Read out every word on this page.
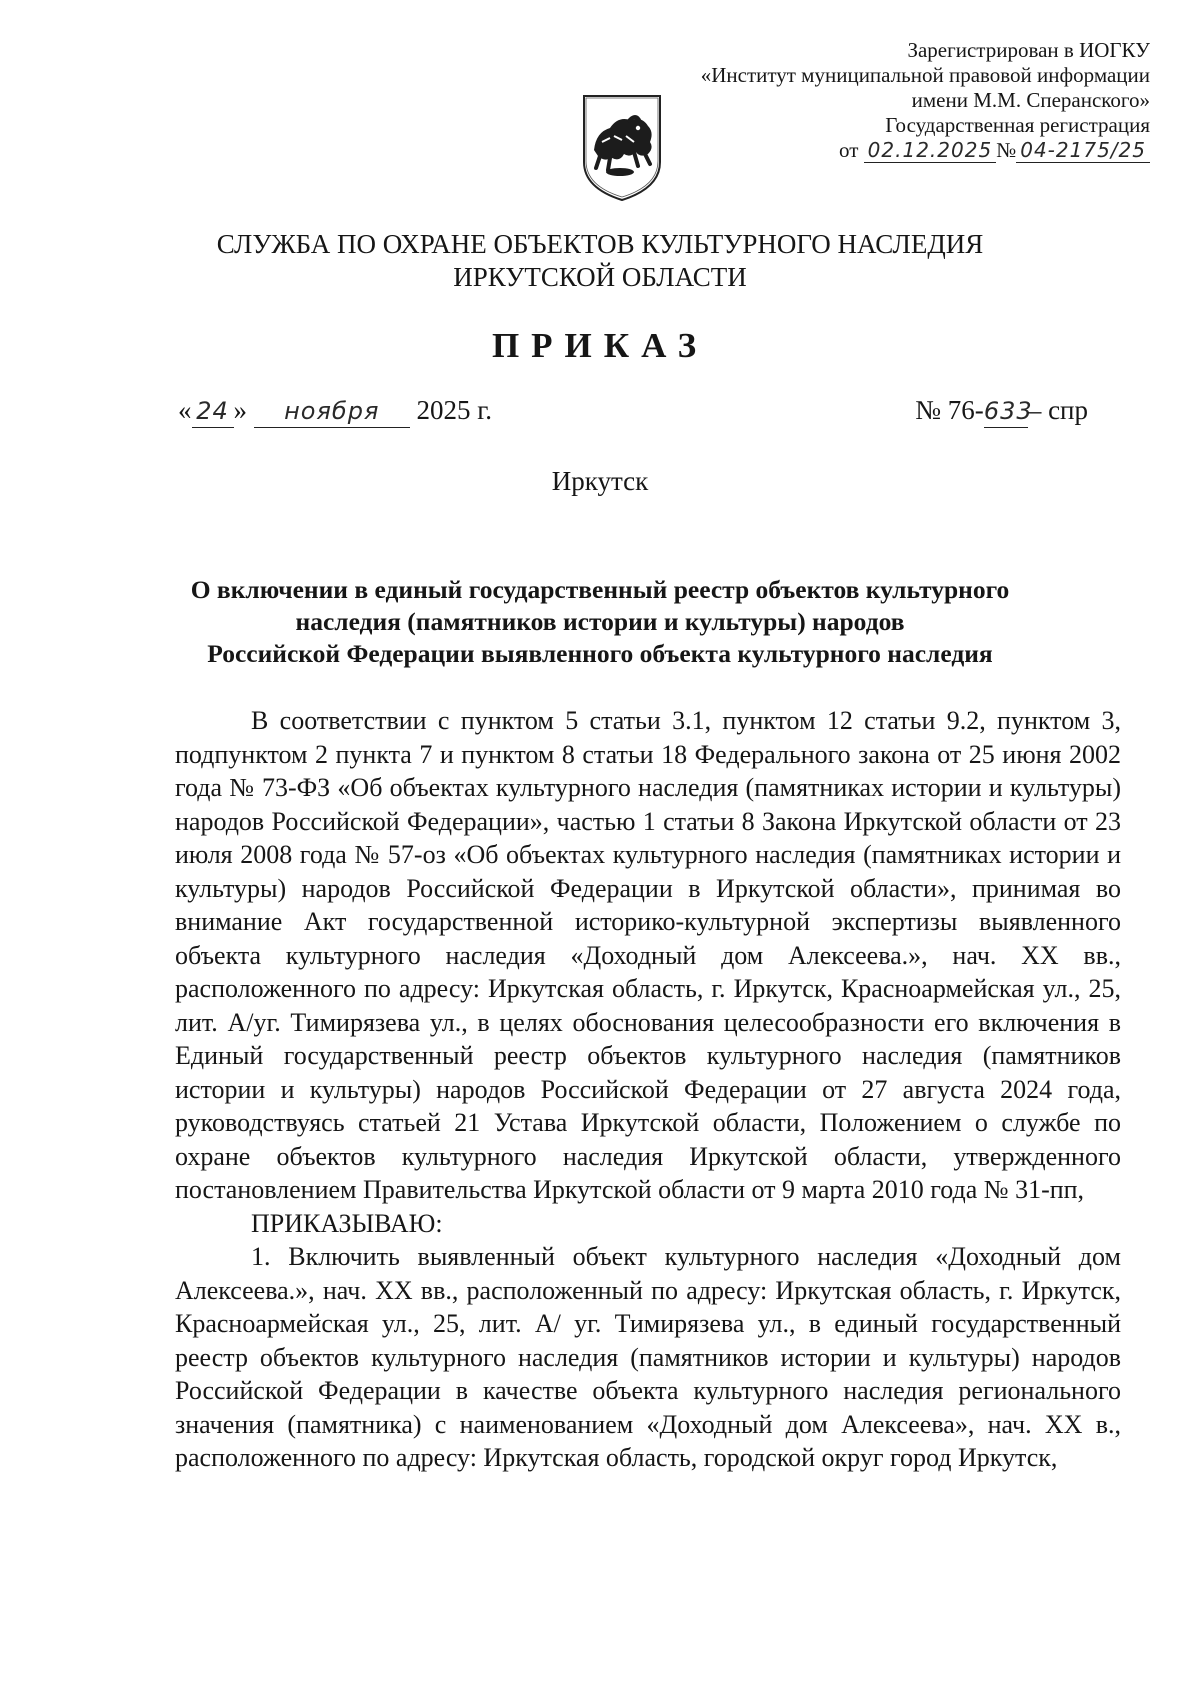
Зарегистрирован в ИОГКУ
«Институт муниципальной правовой информации
имени М.М. Сперанского»
Государственная регистрация
от 02.12.2025 № 04-2175/25
СЛУЖБА ПО ОХРАНЕ ОБЪЕКТОВ КУЛЬТУРНОГО НАСЛЕДИЯ
ИРКУТСКОЙ ОБЛАСТИ
ПРИКАЗ
« 24 » ноября 2025 г.	№ 76-633– спр
Иркутск
О включении в единый государственный реестр объектов культурного
наследия (памятников истории и культуры) народов
Российской Федерации выявленного объекта культурного наследия

В соответствии с пунктом 5 статьи 3.1, пунктом 12 статьи 9.2, пунктом 3, подпунктом 2 пункта 7 и пунктом 8 статьи 18 Федерального закона от 25 июня 2002 года № 73-ФЗ «Об объектах культурного наследия (памятниках истории и культуры) народов Российской Федерации», частью 1 статьи 8 Закона Иркутской области от 23 июля 2008 года № 57-оз «Об объектах культурного наследия (памятниках истории и культуры) народов Российской Федерации в Иркутской области», принимая во внимание Акт государственной историко-культурной экспертизы выявленного объекта культурного наследия «Доходный дом Алексеева.», нач. XX вв., расположенного по адресу: Иркутская область, г. Иркутск, Красноармейская ул., 25, лит. А/уг. Тимирязева ул., в целях обоснования целесообразности его включения в Единый государственный реестр объектов культурного наследия (памятников истории и культуры) народов Российской Федерации от 27 августа 2024 года, руководствуясь статьей 21 Устава Иркутской области, Положением о службе по охране объектов культурного наследия Иркутской области, утвержденного постановлением Правительства Иркутской области от 9 марта 2010 года № 31-пп,

ПРИКАЗЫВАЮ:

1. Включить выявленный объект культурного наследия «Доходный дом Алексеева.», нач. XX вв., расположенный по адресу: Иркутская область, г. Иркутск, Красноармейская ул., 25, лит. А/ уг. Тимирязева ул., в единый государственный реестр объектов культурного наследия (памятников истории и культуры) народов Российской Федерации в качестве объекта культурного наследия регионального значения (памятника) с наименованием «Доходный дом Алексеева», нач. XX в., расположенного по адресу: Иркутская область, городской округ город Иркутск,
